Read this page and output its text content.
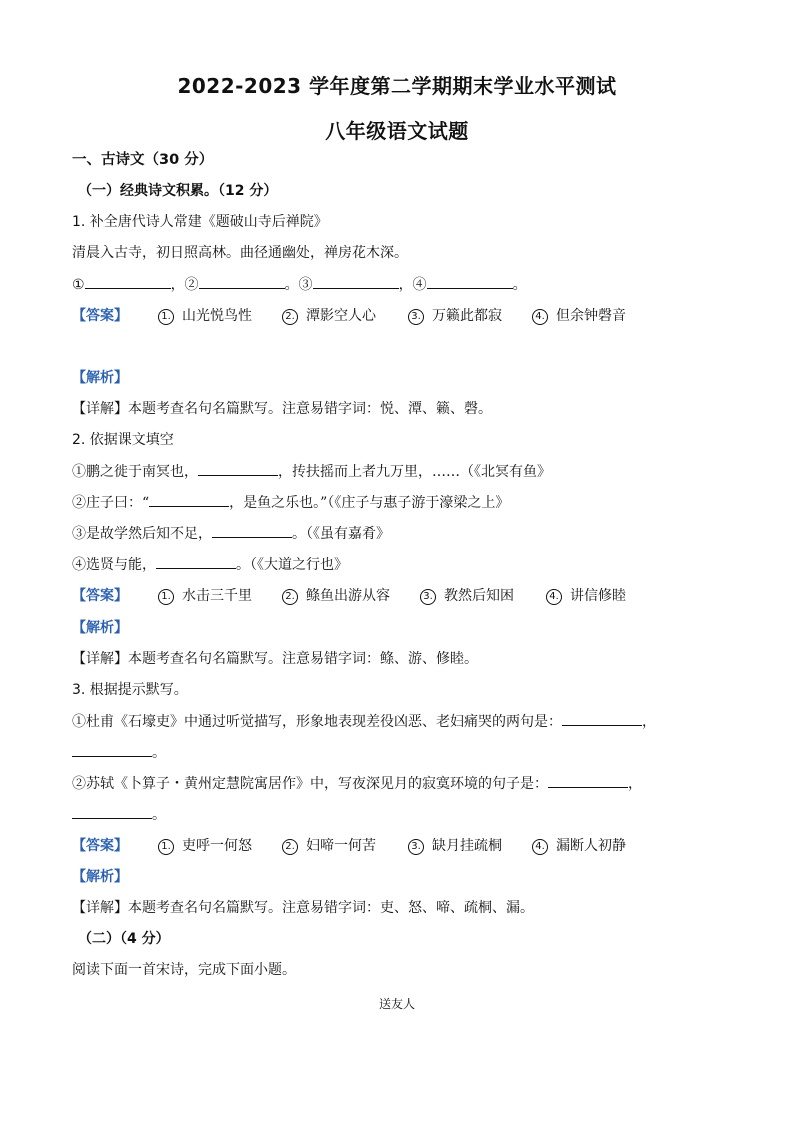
2022-2023 学年度第二学期期末学业水平测试
八年级语文试题
一、古诗文（30 分）
（一）经典诗文积累。（12 分）
1. 补全唐代诗人常建《题破山寺后禅院》
清晨入古寺，初日照高林。曲径通幽处，禅房花木深。
①	，②	。③	，④	。
【答案】	1. 山光悦鸟性	2. 潭影空人心	3. 万籁此都寂	4. 但余钟磬音
【解析】
【详解】本题考查名句名篇默写。注意易错字词：悦、潭、籁、磬。
2. 依据课文填空
①鹏之徙于南冥也，	，抟扶摇而上者九万里，……（《北冥有鱼》
②庄子曰：“	，是鱼之乐也。”（《庄子与惠子游于濠梁之上》
③是故学然后知不足，	。（《虽有嘉肴》
④选贤与能，	。（《大道之行也》
【答案】	1. 水击三千里	2. 鲦鱼出游从容	3. 教然后知困	4. 讲信修睦
【解析】
【详解】本题考查名句名篇默写。注意易错字词：鲦、游、修睦。
3. 根据提示默写。
①杜甫《石壕吏》中通过听觉描写，形象地表现差役凶恶、老妇痛哭的两句是：	，
。
②苏轼《卜算子・黄州定慧院寓居作》中，写夜深见月的寂寞环境的句子是：	，
。
【答案】	1. 吏呼一何怒	2. 妇啼一何苦	3. 缺月挂疏桐	4. 漏断人初静
【解析】
【详解】本题考查名句名篇默写。注意易错字词：吏、怒、啼、疏桐、漏。
（二）（4 分）
阅读下面一首宋诗，完成下面小题。
送友人
